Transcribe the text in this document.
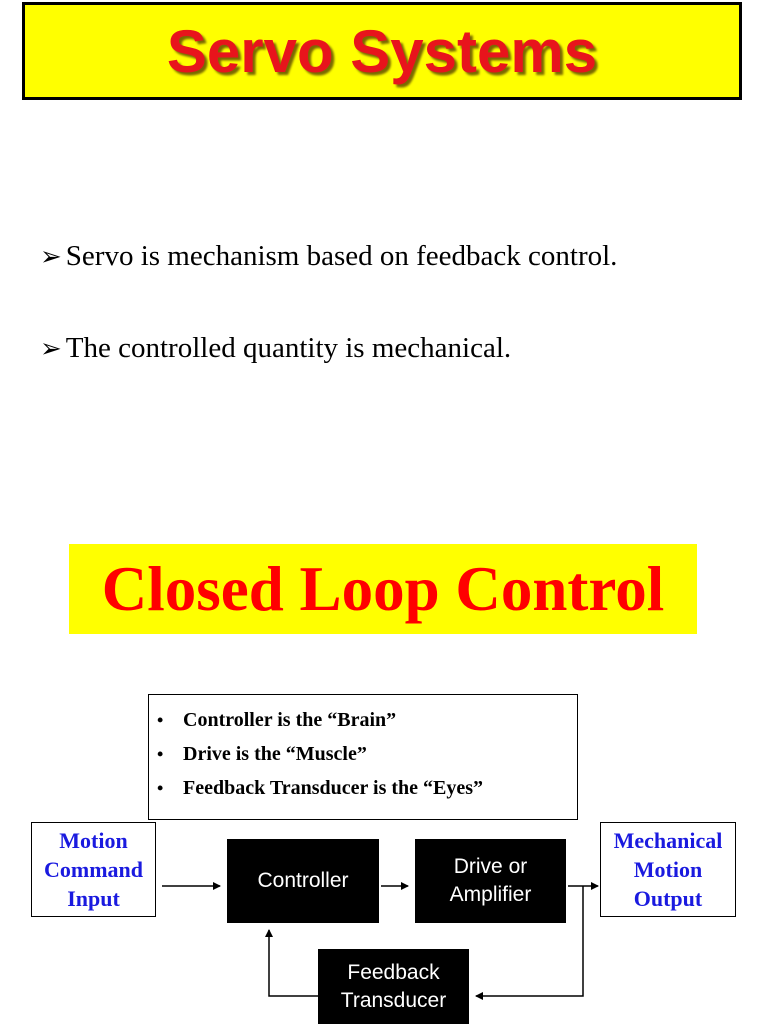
Servo Systems
➢ Servo is mechanism based on feedback control.
➢ The controlled quantity is mechanical.
Closed Loop Control
• Controller is the “Brain”
• Drive is the “Muscle”
• Feedback Transducer is the “Eyes”
Motion
Command
Input
Controller
Drive or
Amplifier
Mechanical
Motion
Output
Feedback
Transducer
